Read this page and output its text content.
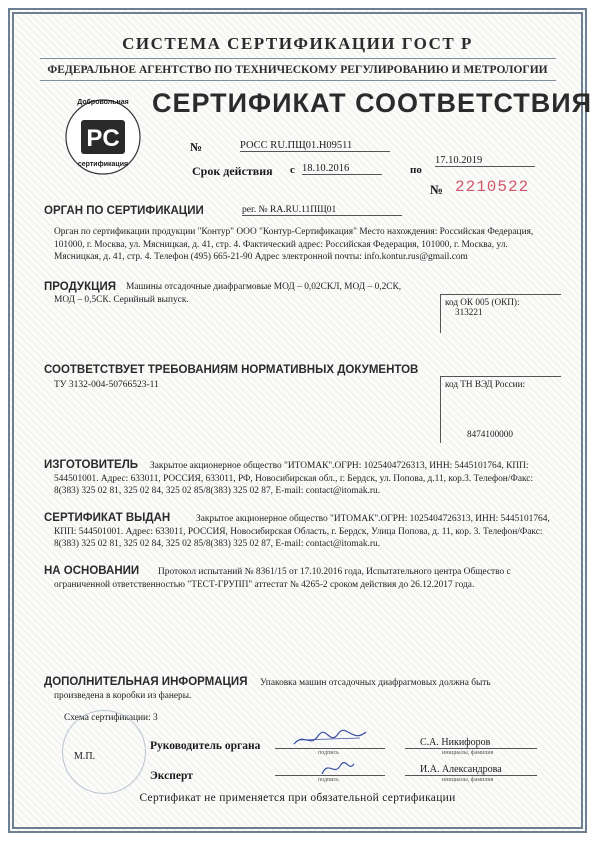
СИСТЕМА СЕРТИФИКАЦИИ ГОСТ Р
ФЕДЕРАЛЬНОЕ АГЕНТСТВО ПО ТЕХНИЧЕСКОМУ РЕГУЛИРОВАНИЮ И МЕТРОЛОГИИ
PC
Добровольная
сертификация
СЕРТИФИКАТ СООТВЕТСТВИЯ
№	РОСС RU.ПЩ01.Н09511
Срок действия с 18.10.2016	по
17.10.2019
№ 2210522
ОРГАН ПО СЕРТИФИКАЦИИ	рег. № RA.RU.11ПЩ01
Орган по сертификации продукции "Контур" ООО "Контур-Сертификация" Место нахождения: Российская Федерация, 101000, г. Москва, ул. Мясницкая, д. 41, стр. 4. Фактический адрес: Российская Федерация, 101000, г. Москва, ул. Мясницкая, д. 41, стр. 4. Телефон (495) 665-21-90 Адрес электронной почты: info.kontur.rus@gmail.com
ПРОДУКЦИЯ	Машины отсадочные диафрагмовые МОД – 0,02СКЛ, МОД – 0,2СК, МОД – 0,5СК. Серийный выпуск.	код ОК 005 (ОКП):
313221
СООТВЕТСТВУЕТ ТРЕБОВАНИЯМ НОРМАТИВНЫХ ДОКУМЕНТОВ
ТУ 3132-004-50766523-11	код ТН ВЭД России:
8474100000
ИЗГОТОВИТЕЛЬ	Закрытое акционерное общество "ИТОМАК".ОГРН: 1025404726313, ИНН: 5445101764, КПП: 544501001. Адрес: 633011, РОССИЯ, 633011, РФ, Новосибирская обл., г. Бердск, ул. Попова, д.11, кор.3. Телефон/Факс: 8(383) 325 02 81, 325 02 84, 325 02 85/8(383) 325 02 87, E-mail: contact@itomak.ru.
СЕРТИФИКАТ ВЫДАН	Закрытое акционерное общество "ИТОМАК".ОГРН: 1025404726313, ИНН: 5445101764, КПП: 544501001. Адрес: 633011, РОССИЯ, Новосибирская Область, г. Бердск, Улица Попова, д. 11, кор. 3. Телефон/Факс: 8(383) 325 02 81, 325 02 84, 325 02 85/8(383) 325 02 87, E-mail: contact@itomak.ru.
НА ОСНОВАНИИ	Протокол испытаний № 8361/15 от 17.10.2016 года, Испытательного центра Общество с ограниченной ответственностью "ТЕСТ-ГРУПП" аттестат № 4265-2 сроком действия до 26.12.2017 года.
ДОПОЛНИТЕЛЬНАЯ ИНФОРМАЦИЯ	Упаковка машин отсадочных диафрагмовых должна быть произведена в коробки из фанеры.
Схема сертификации: 3
М.П.
Руководитель органа
подпись
С.А. Никифоров
инициалы, фамилия
Эксперт	подпись
И.А. Александрова
инициалы, фамилия
Сертификат не применяется при обязательной сертификации
